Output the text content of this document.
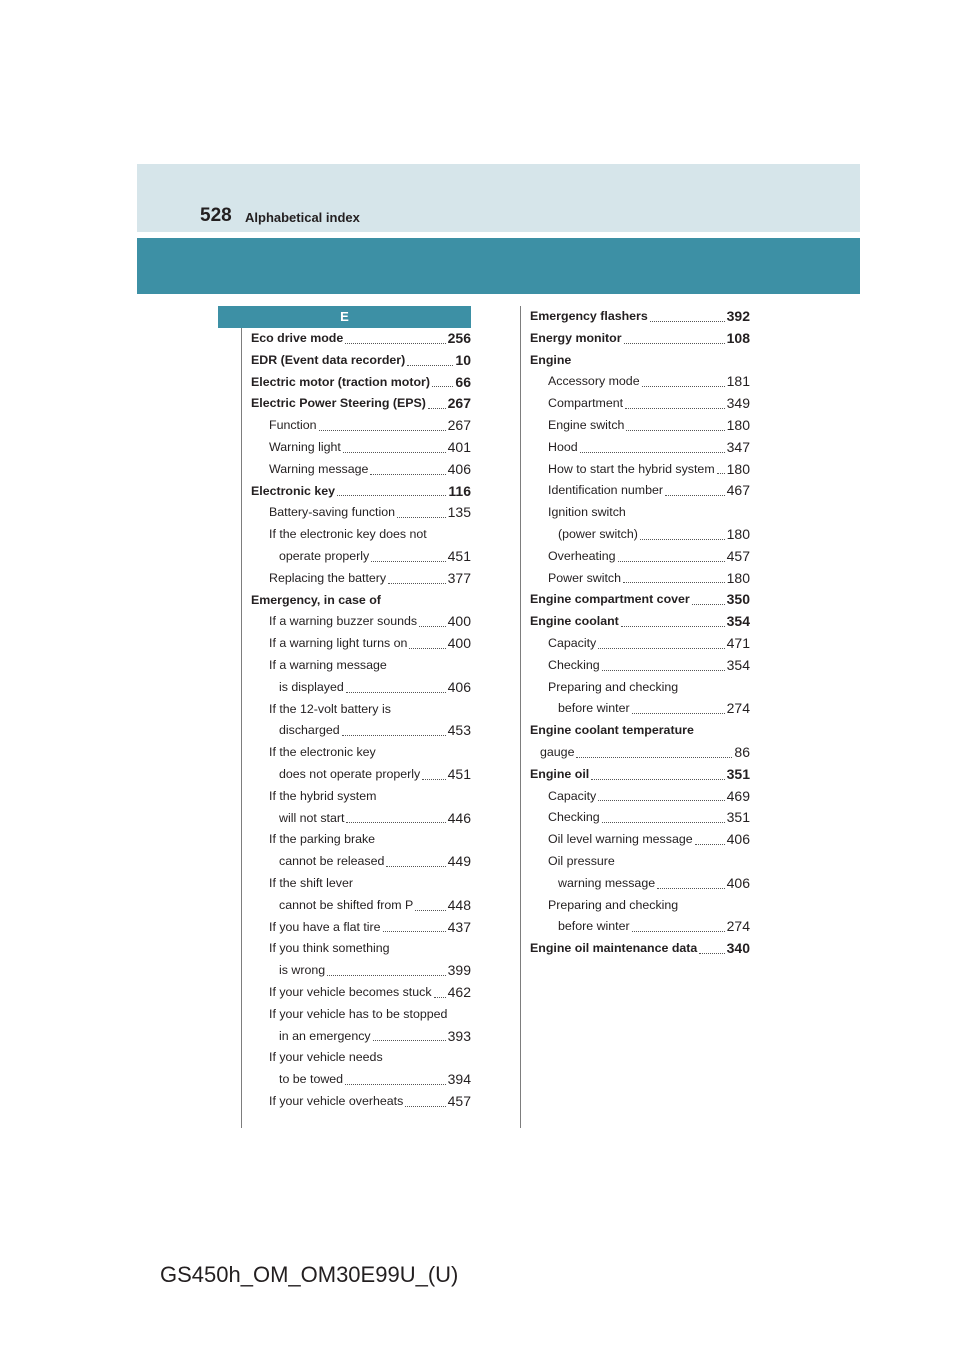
528 Alphabetical index
E
Eco drive mode	256
EDR (Event data recorder)	10
Electric motor (traction motor) 66
Electric Power Steering (EPS) 267
Function	267
Warning light	401
Warning message	406
Electronic key	116
Battery-saving function	135
If the electronic key does not
operate properly	451
Replacing the battery	377
Emergency, in case of
If a warning buzzer sounds 400
If a warning light turns on	400
If a warning message
is displayed	406
If the 12-volt battery is
discharged	453
If the electronic key
does not operate properly 451
If the hybrid system
will not start	446
If the parking brake
cannot be released	449
If the shift lever
cannot be shifted from P 448
If you have a flat tire	437
If you think something
is wrong	399
If your vehicle becomes stuck 462
If your vehicle has to be stopped
in an emergency	393
If your vehicle needs
to be towed	394
If your vehicle overheats	457
Emergency flashers	392
Energy monitor	108
Engine
Accessory mode	181
Compartment	349
Engine switch	180
Hood	347
How to start the hybrid system 180
Identification number	467
Ignition switch
(power switch)	180
Overheating	457
Power switch	180
Engine compartment cover	350
Engine coolant	354
Capacity	471
Checking	354
Preparing and checking
before winter	274
Engine coolant temperature
gauge	86
Engine oil	351
Capacity	469
Checking	351
Oil level warning message 406
Oil pressure
warning message	406
Preparing and checking
before winter	274
Engine oil maintenance data 340
GS450h_OM_OM30E99U_(U)
